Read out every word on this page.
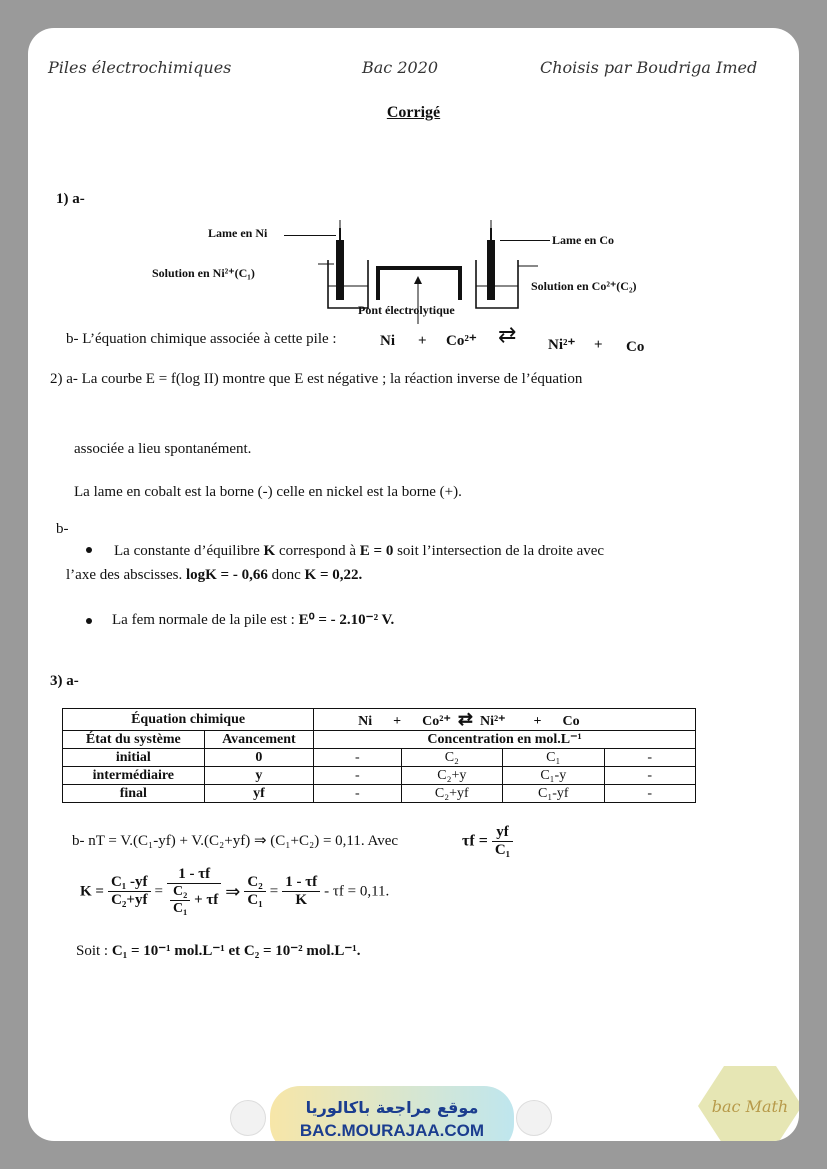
Piles électrochimiques	Bac 2020	Choisis par Boudriga Imed
Corrigé
1) a-
Lame en Ni	Lame en Co
Solution en Ni²⁺(C₁)
Solution en Co²⁺(C₂)
Pont électrolytique
b- L’équation chimique associée à cette pile :	Ni + Co²⁺ ⇄ Ni²⁺ + Co
2) a- La courbe E = f(log II) montre que E est négative ; la réaction inverse de l’équation
associée a lieu spontanément.
La lame en cobalt est la borne (-) celle en nickel est la borne (+).
b-
La constante d’équilibre K correspond à E = 0 soit l’intersection de la droite avec
l’axe des abscisses. logK = - 0,66 donc K = 0,22.
La fem normale de la pile est : E⁰ = - 2.10⁻² V.
3) a-
Équation chimique		Ni + Co²⁺ ⇄ Ni²⁺ + Co			
État du système	Avancement	Concentration en mol.L⁻¹			
initial	0	-	C₂	C₁	-
intermédiaire	y	-	C₂+y	C₁-y	-
final	yf	-	C₂+yf	C₁-yf	-
b- nT = V.(C₁-yf) + V.(C₂+yf) ⇒ (C₁+C₂) = 0,11. Avec	$\tau f = \frac{yf}{\text{C₁}}$
$K = \frac{\text{C₁ -yf}}{\text{C₂+yf}} = \frac{1 - \tau f}{\frac{\text{C₂}}{\text{C₁}} + \tau f}$ ⇒ $\frac{\text{C₂}}{\text{C₁}} = \frac{1 - \tau f}{K} - \tau f = 0,11$.
Soit : C₁ = 10⁻¹ mol.L⁻¹ et C₂ = 10⁻² mol.L⁻¹.
موقع مراجعة باكالوريا
BAC.MOURAJAA.COM
bac Math
